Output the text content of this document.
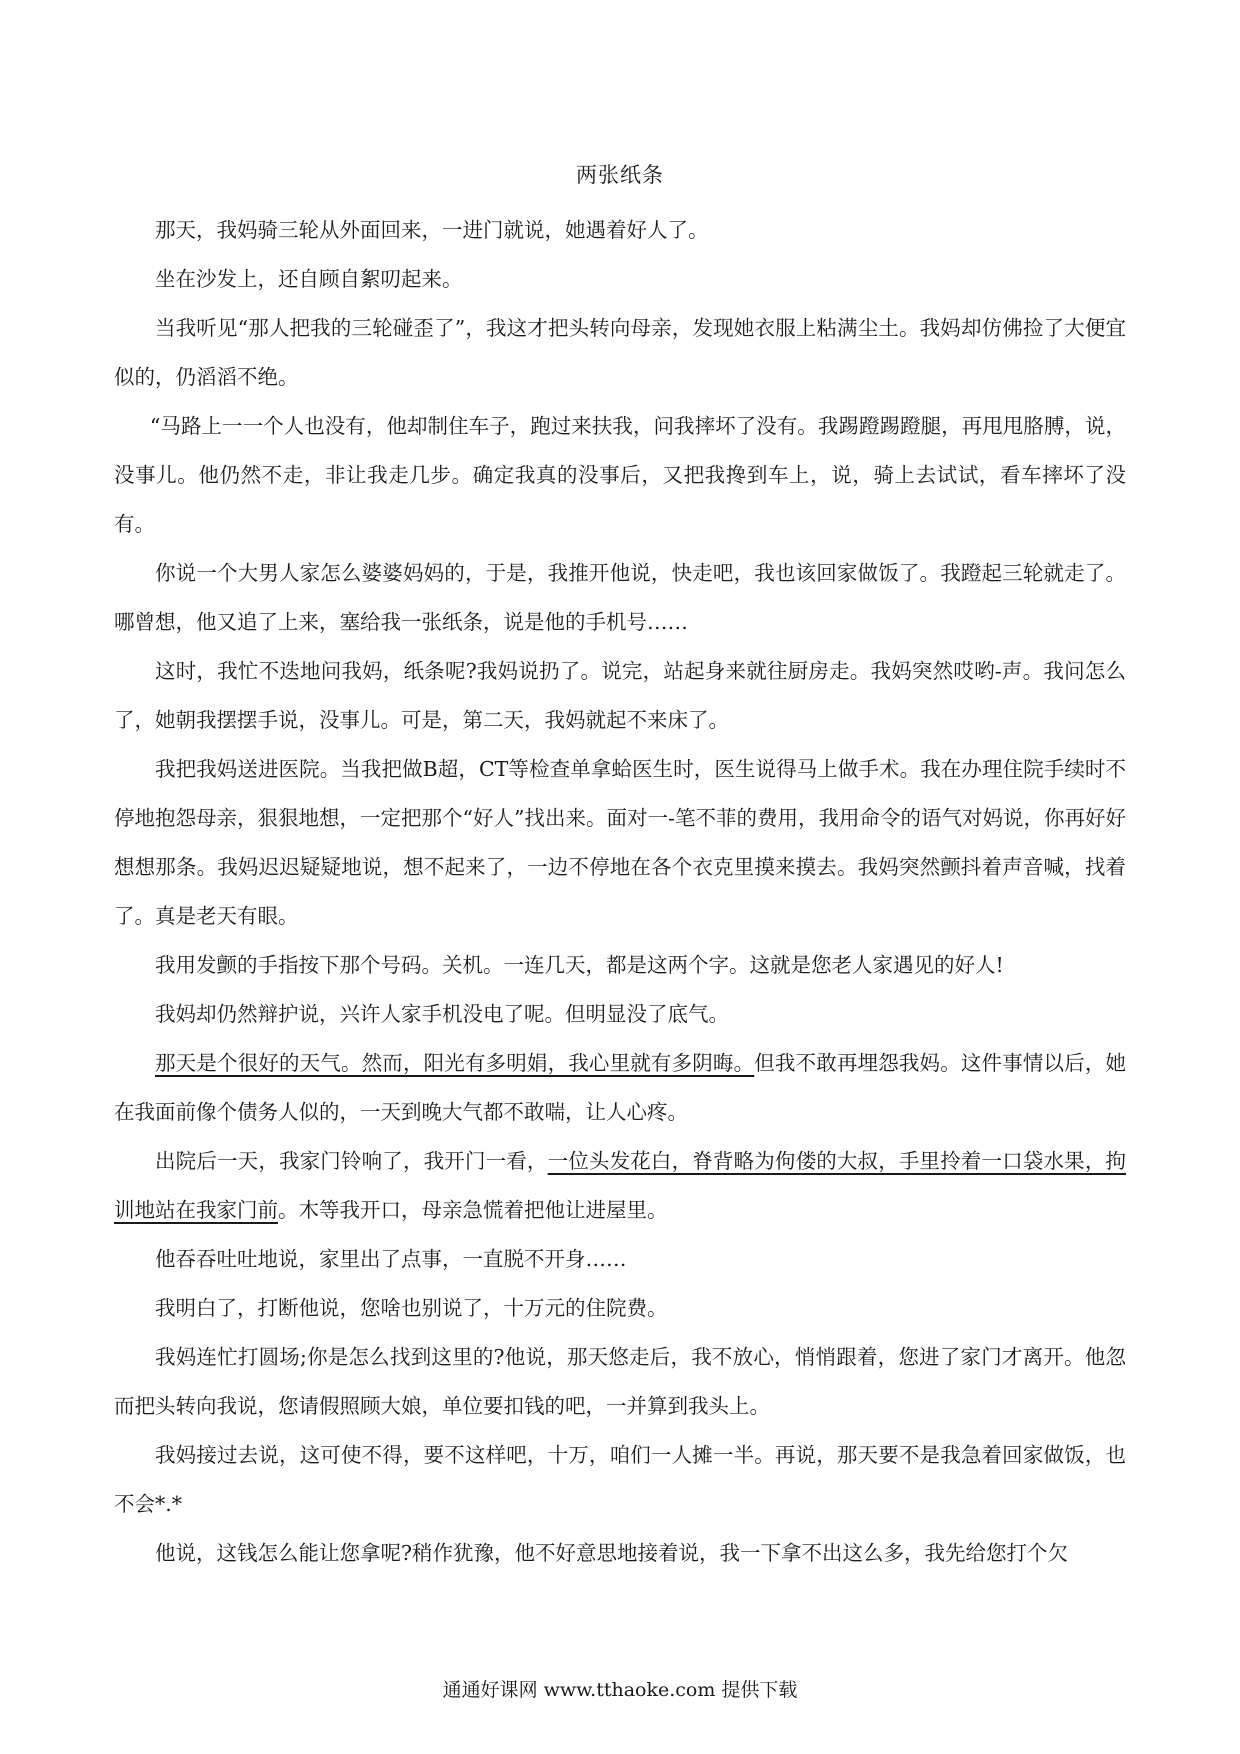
两张纸条

那天，我妈骑三轮从外面回来，一进门就说，她遇着好人了。

坐在沙发上，还自顾自絮叨起来。

当我听见“那人把我的三轮碰歪了”，我这才把头转向母亲，发现她衣服上粘满尘土。我妈却仿佛捡了大便宜似的，仍滔滔不绝。

“马路上一一个人也没有，他却制住车子，跑过来扶我，问我摔坏了没有。我踢蹬踢蹬腿，再甩甩胳膊，说，没事儿。他仍然不走，非让我走几步。确定我真的没事后，又把我搀到车上，说，骑上去试试，看车摔坏了没有。

你说一个大男人家怎么婆婆妈妈的，于是，我推开他说，快走吧，我也该回家做饭了。我蹬起三轮就走了。哪曾想，他又追了上来，塞给我一张纸条，说是他的手机号……

这时，我忙不迭地问我妈，纸条呢?我妈说扔了。说完，站起身来就往厨房走。我妈突然哎哟-声。我问怎么了，她朝我摆摆手说，没事儿。可是，第二天，我妈就起不来床了。

我把我妈送进医院。当我把做B超，CT等检查单拿蛤医生时，医生说得马上做手术。我在办理住院手续时不停地抱怨母亲，狠狠地想，一定把那个“好人”找出来。面对一-笔不菲的费用，我用命令的语气对妈说，你再好好想想那条。我妈迟迟疑疑地说，想不起来了，一边不停地在各个衣克里摸来摸去。我妈突然颤抖着声音喊，找着了。真是老天有眼。

我用发颤的手指按下那个号码。关机。一连几天，都是这两个字。这就是您老人家遇见的好人!

我妈却仍然辩护说，兴许人家手机没电了呢。但明显没了底气。

那天是个很好的天气。然而，阳光有多明娟，我心里就有多阴晦。但我不敢再埋怨我妈。这件事情以后，她在我面前像个债务人似的，一天到晚大气都不敢喘，让人心疼。

出院后一天，我家门铃响了，我开门一看，一位头发花白，脊背略为佝偻的大叔，手里拎着一口袋水果，拘训地站在我家门前。木等我开口，母亲急慌着把他让进屋里。

他吞吞吐吐地说，家里出了点事，一直脱不开身……

我明白了，打断他说，您啥也别说了，十万元的住院费。

我妈连忙打圆场;你是怎么找到这里的?他说，那天悠走后，我不放心，悄悄跟着，您进了家门才离开。他忽而把头转向我说，您请假照顾大娘，单位要扣钱的吧，一并算到我头上。

我妈接过去说，这可使不得，要不这样吧，十万，咱们一人摊一半。再说，那天要不是我急着回家做饭，也不会*.*

他说，这钱怎么能让您拿呢?稍作犹豫，他不好意思地接着说，我一下拿不出这么多，我先给您打个欠

通通好课网 www.tthaoke.com 提供下载
